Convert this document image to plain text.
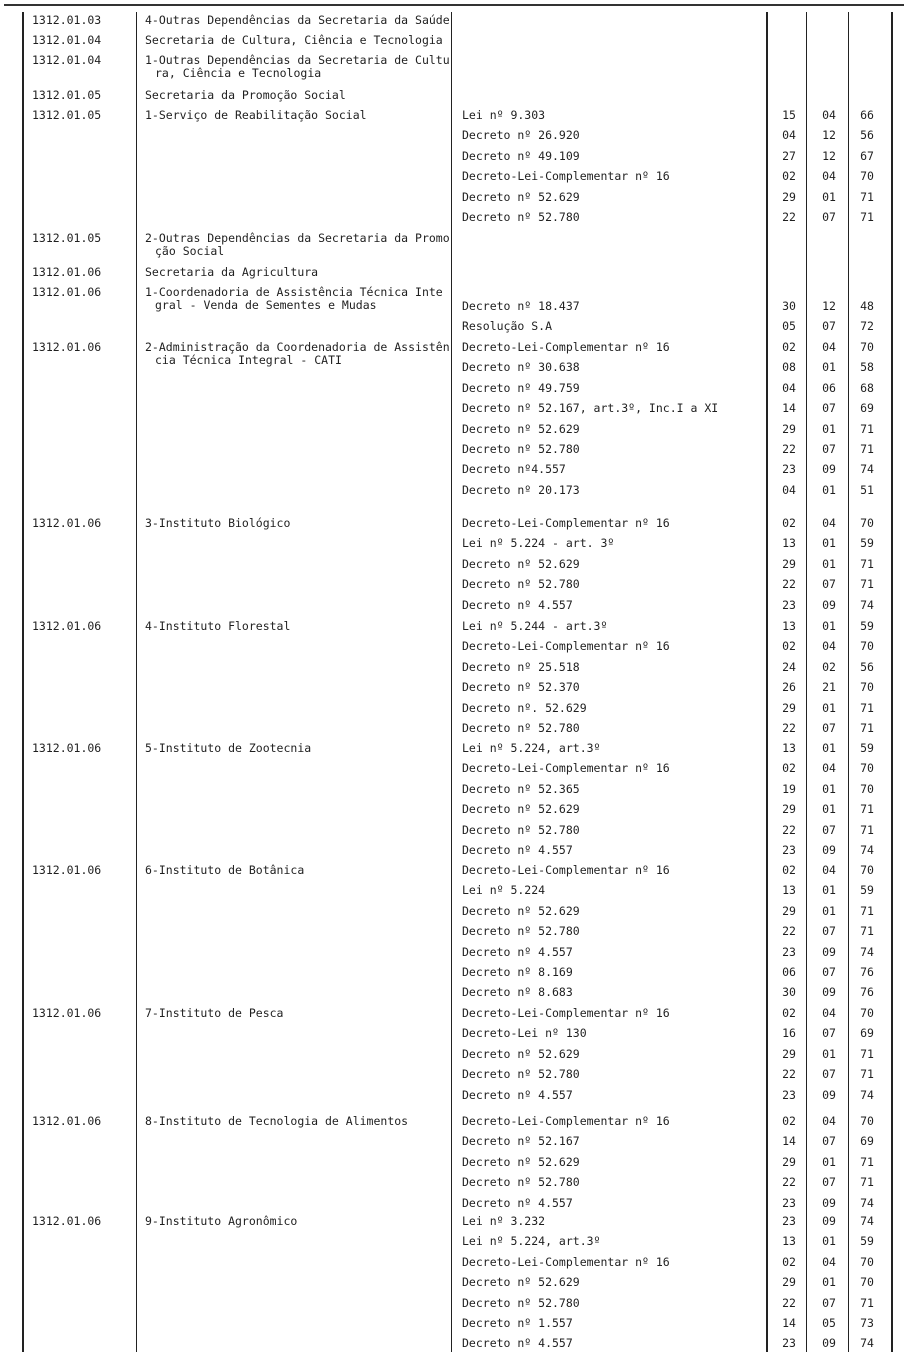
1312.01.03	4-Outras Dependências da Secretaria da Saúde
1312.01.04	Secretaria de Cultura, Ciência e Tecnologia
1312.01.04	1-Outras Dependências da Secretaria de Cultu
ra, Ciência e Tecnologia
1312.01.05	Secretaria da Promoção Social
1312.01.05	1-Serviço de Reabilitação Social	Lei nº 9.303	15	04	66
Decreto nº 26.920	04	12	56
Decreto nº 49.109	27	12	67
Decreto-Lei-Complementar nº 16	02	04	70
Decreto nº 52.629	29	01	71
Decreto nº 52.780	22	07	71
1312.01.05	2-Outras Dependências da Secretaria da Promo
ção Social
1312.01.06	Secretaria da Agricultura
1312.01.06	1-Coordenadoria de Assistência Técnica Inte
gral - Venda de Sementes e Mudas	Decreto nº 18.437	30	12	48
Resolução S.A	05	07	72
1312.01.06	2-Administração da Coordenadoria de Assistên
cia Técnica Integral - CATI
Decreto-Lei-Complementar nº 16	02	04	70
Decreto nº 30.638	08	01	58
Decreto nº 49.759	04	06	68
Decreto nº 52.167, art.3º, Inc.I a XI	14	07	69
Decreto nº 52.629	29	01	71
Decreto nº 52.780	22	07	71
Decreto nº4.557	23	09	74
Decreto nº 20.173	04	01	51
1312.01.06	3-Instituto Biológico	Decreto-Lei-Complementar nº 16	02	04	70
Lei nº 5.224 - art. 3º	13	01	59
Decreto nº 52.629	29	01	71
Decreto nº 52.780	22	07	71
Decreto nº 4.557	23	09	74
1312.01.06	4-Instituto Florestal	Lei nº 5.244 - art.3º	13	01	59
Decreto-Lei-Complementar nº 16	02	04	70
Decreto nº 25.518	24	02	56
Decreto nº 52.370	26	21	70
Decreto nº. 52.629	29	01	71
Decreto nº 52.780	22	07	71
1312.01.06	5-Instituto de Zootecnia	Lei nº 5.224, art.3º	13	01	59
Decreto-Lei-Complementar nº 16	02	04	70
Decreto nº 52.365	19	01	70
Decreto nº 52.629	29	01	71
Decreto nº 52.780	22	07	71
Decreto nº 4.557	23	09	74
1312.01.06	6-Instituto de Botânica	Decreto-Lei-Complementar nº 16	02	04	70
Lei nº 5.224	13	01	59
Decreto nº 52.629	29	01	71
Decreto nº 52.780	22	07	71
Decreto nº 4.557	23	09	74
Decreto nº 8.169	06	07	76
Decreto nº 8.683	30	09	76
1312.01.06	7-Instituto de Pesca	Decreto-Lei-Complementar nº 16	02	04	70
Decreto-Lei nº 130	16	07	69
Decreto nº 52.629	29	01	71
Decreto nº 52.780	22	07	71
Decreto nº 4.557	23	09	74
1312.01.06	8-Instituto de Tecnologia de Alimentos	Decreto-Lei-Complementar nº 16	02	04	70
Decreto nº 52.167	14	07	69
Decreto nº 52.629	29	01	71
Decreto nº 52.780	22	07	71
Decreto nº 4.557	23	09	74
1312.01.06	9-Instituto Agronômico	Lei nº 3.232	23	09	74
Lei nº 5.224, art.3º	13	01	59
Decreto-Lei-Complementar nº 16	02	04	70
Decreto nº 52.629	29	01	70
Decreto nº 52.780	22	07	71
Decreto nº 1.557	14	05	73
Decreto nº 4.557	23	09	74
